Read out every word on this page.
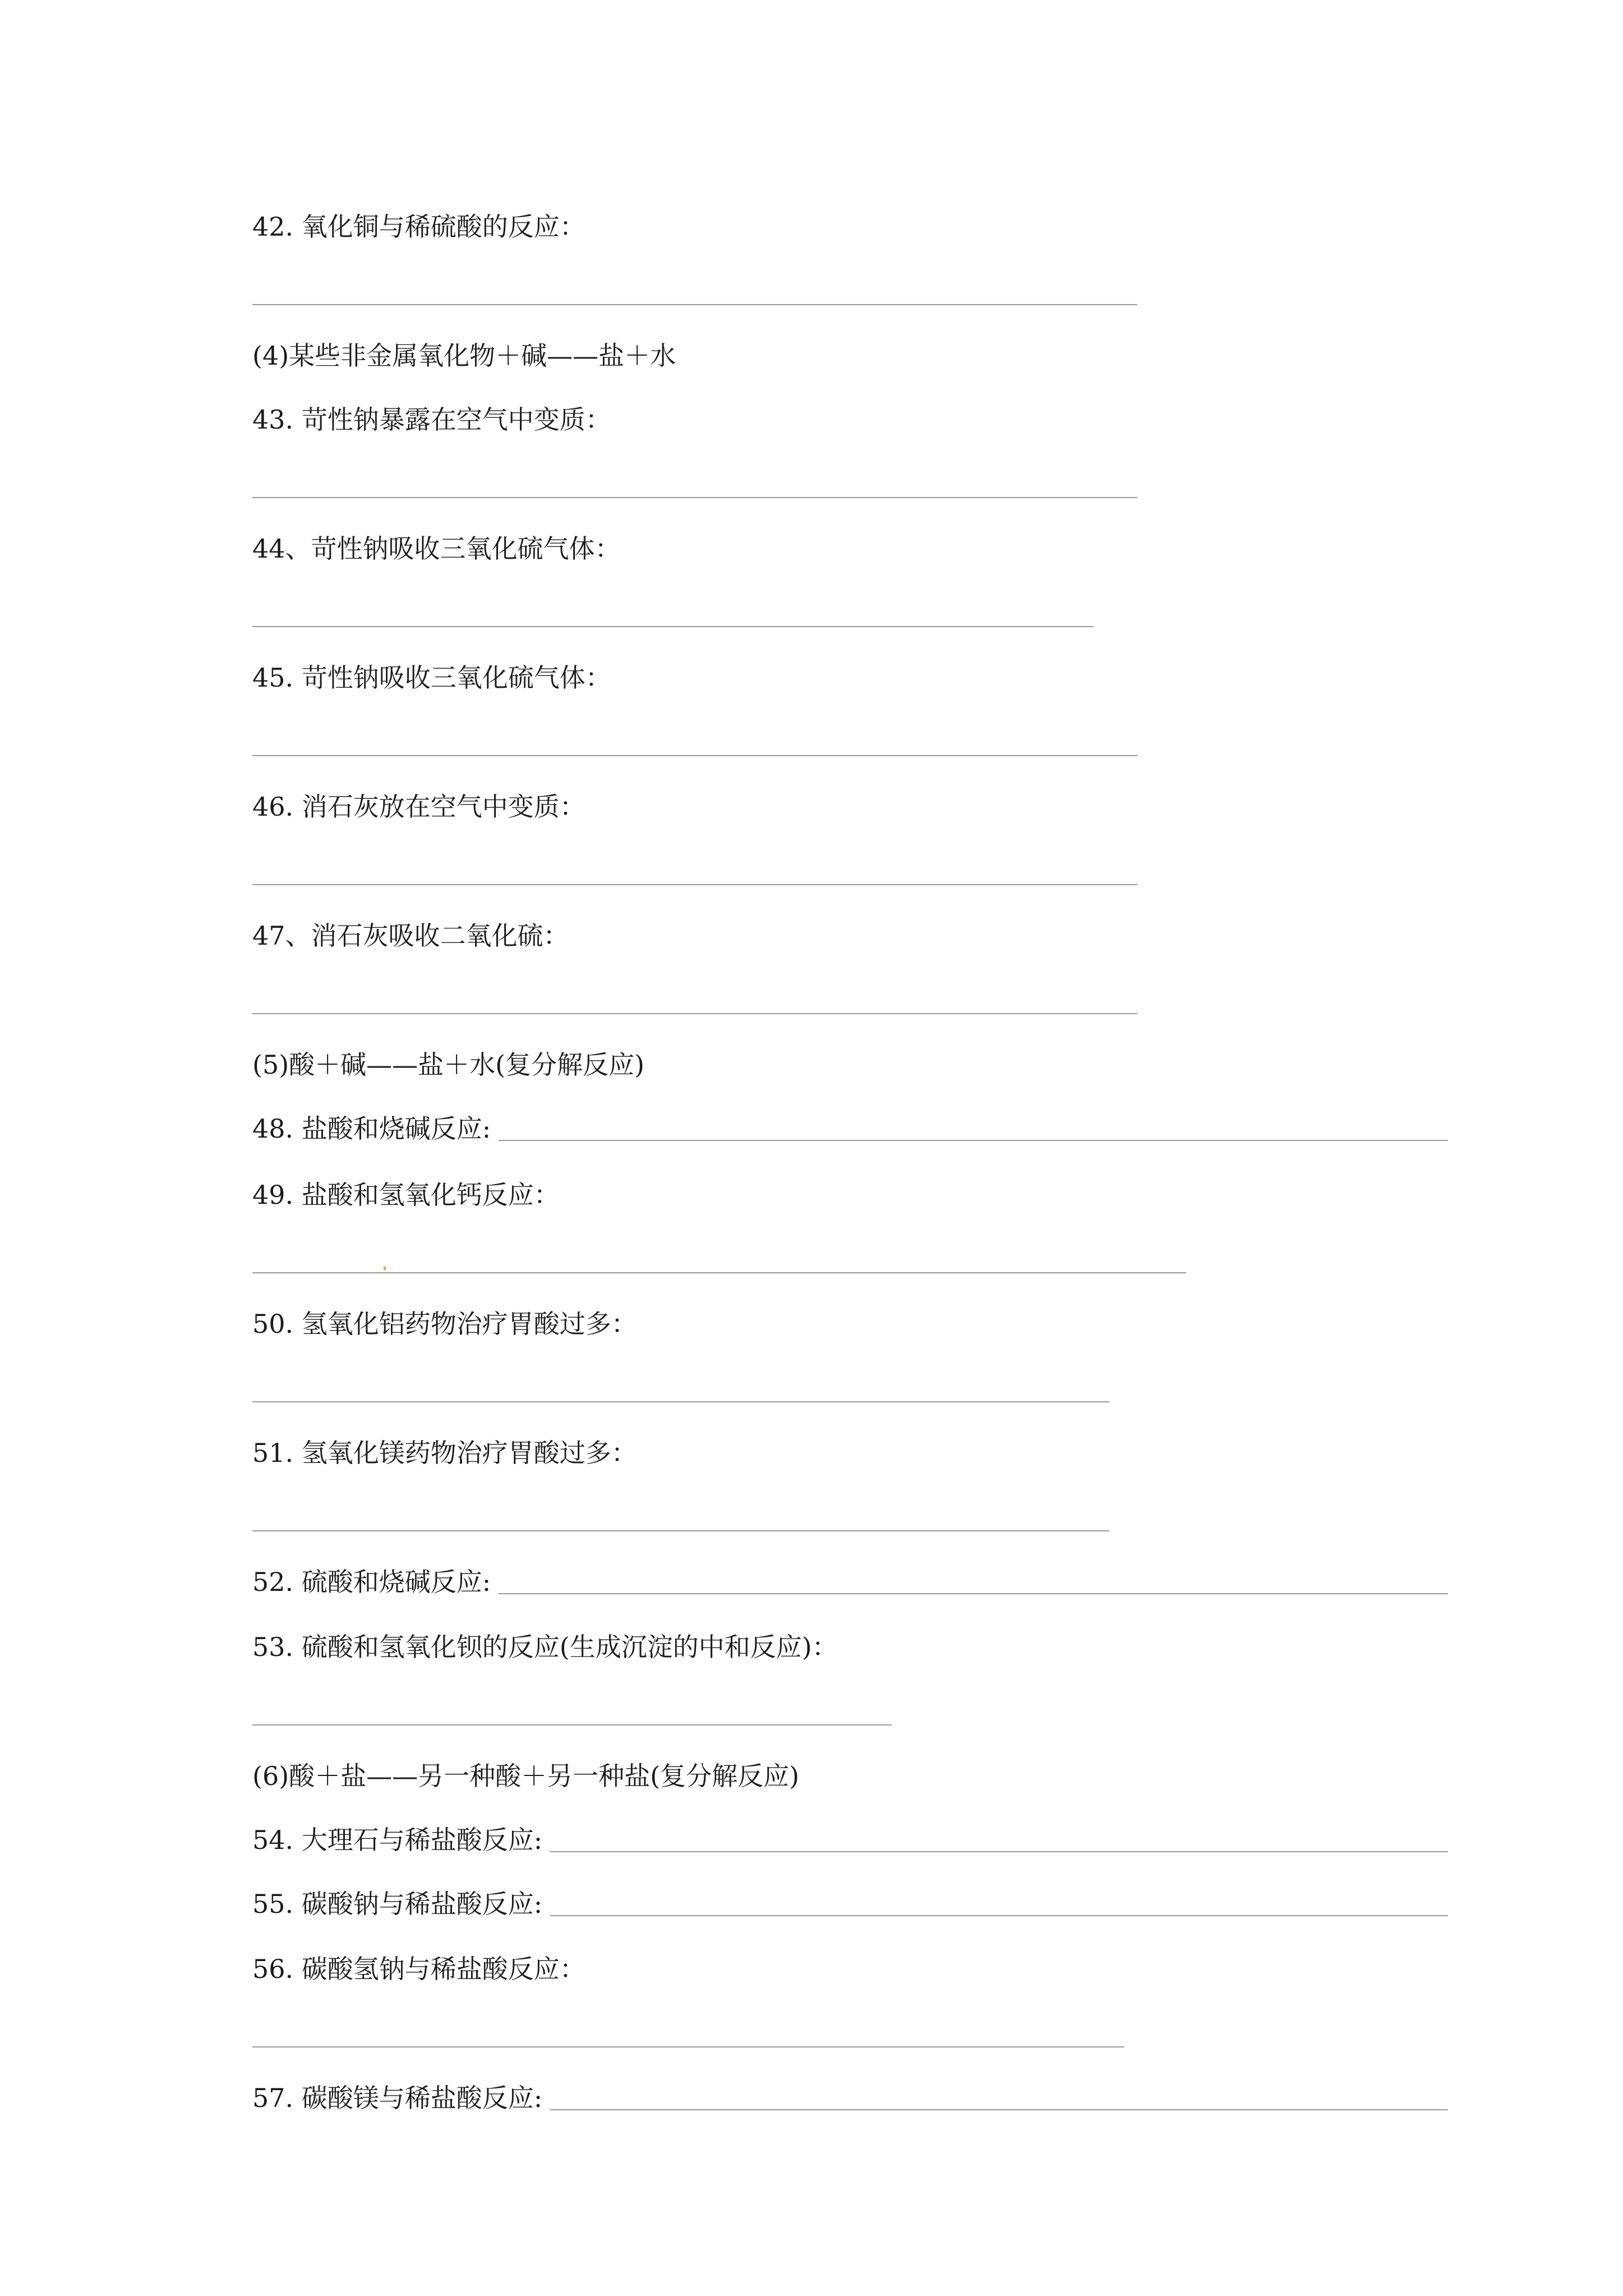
42. 氧化铜与稀硫酸的反应：
(4)某些非金属氧化物＋碱——盐＋水
43. 苛性钠暴露在空气中变质：
44、苛性钠吸收三氧化硫气体：
45. 苛性钠吸收三氧化硫气体：
46. 消石灰放在空气中变质：
47、消石灰吸收二氧化硫：
(5)酸＋碱——盐＋水(复分解反应)
48. 盐酸和烧碱反应:
49. 盐酸和氢氧化钙反应：
50. 氢氧化铝药物治疗胃酸过多：
51. 氢氧化镁药物治疗胃酸过多：
52. 硫酸和烧碱反应:
53. 硫酸和氢氧化钡的反应(生成沉淀的中和反应)：
(6)酸＋盐——另一种酸＋另一种盐(复分解反应)
54. 大理石与稀盐酸反应:
55. 碳酸钠与稀盐酸反应:
56. 碳酸氢钠与稀盐酸反应：
57. 碳酸镁与稀盐酸反应:
